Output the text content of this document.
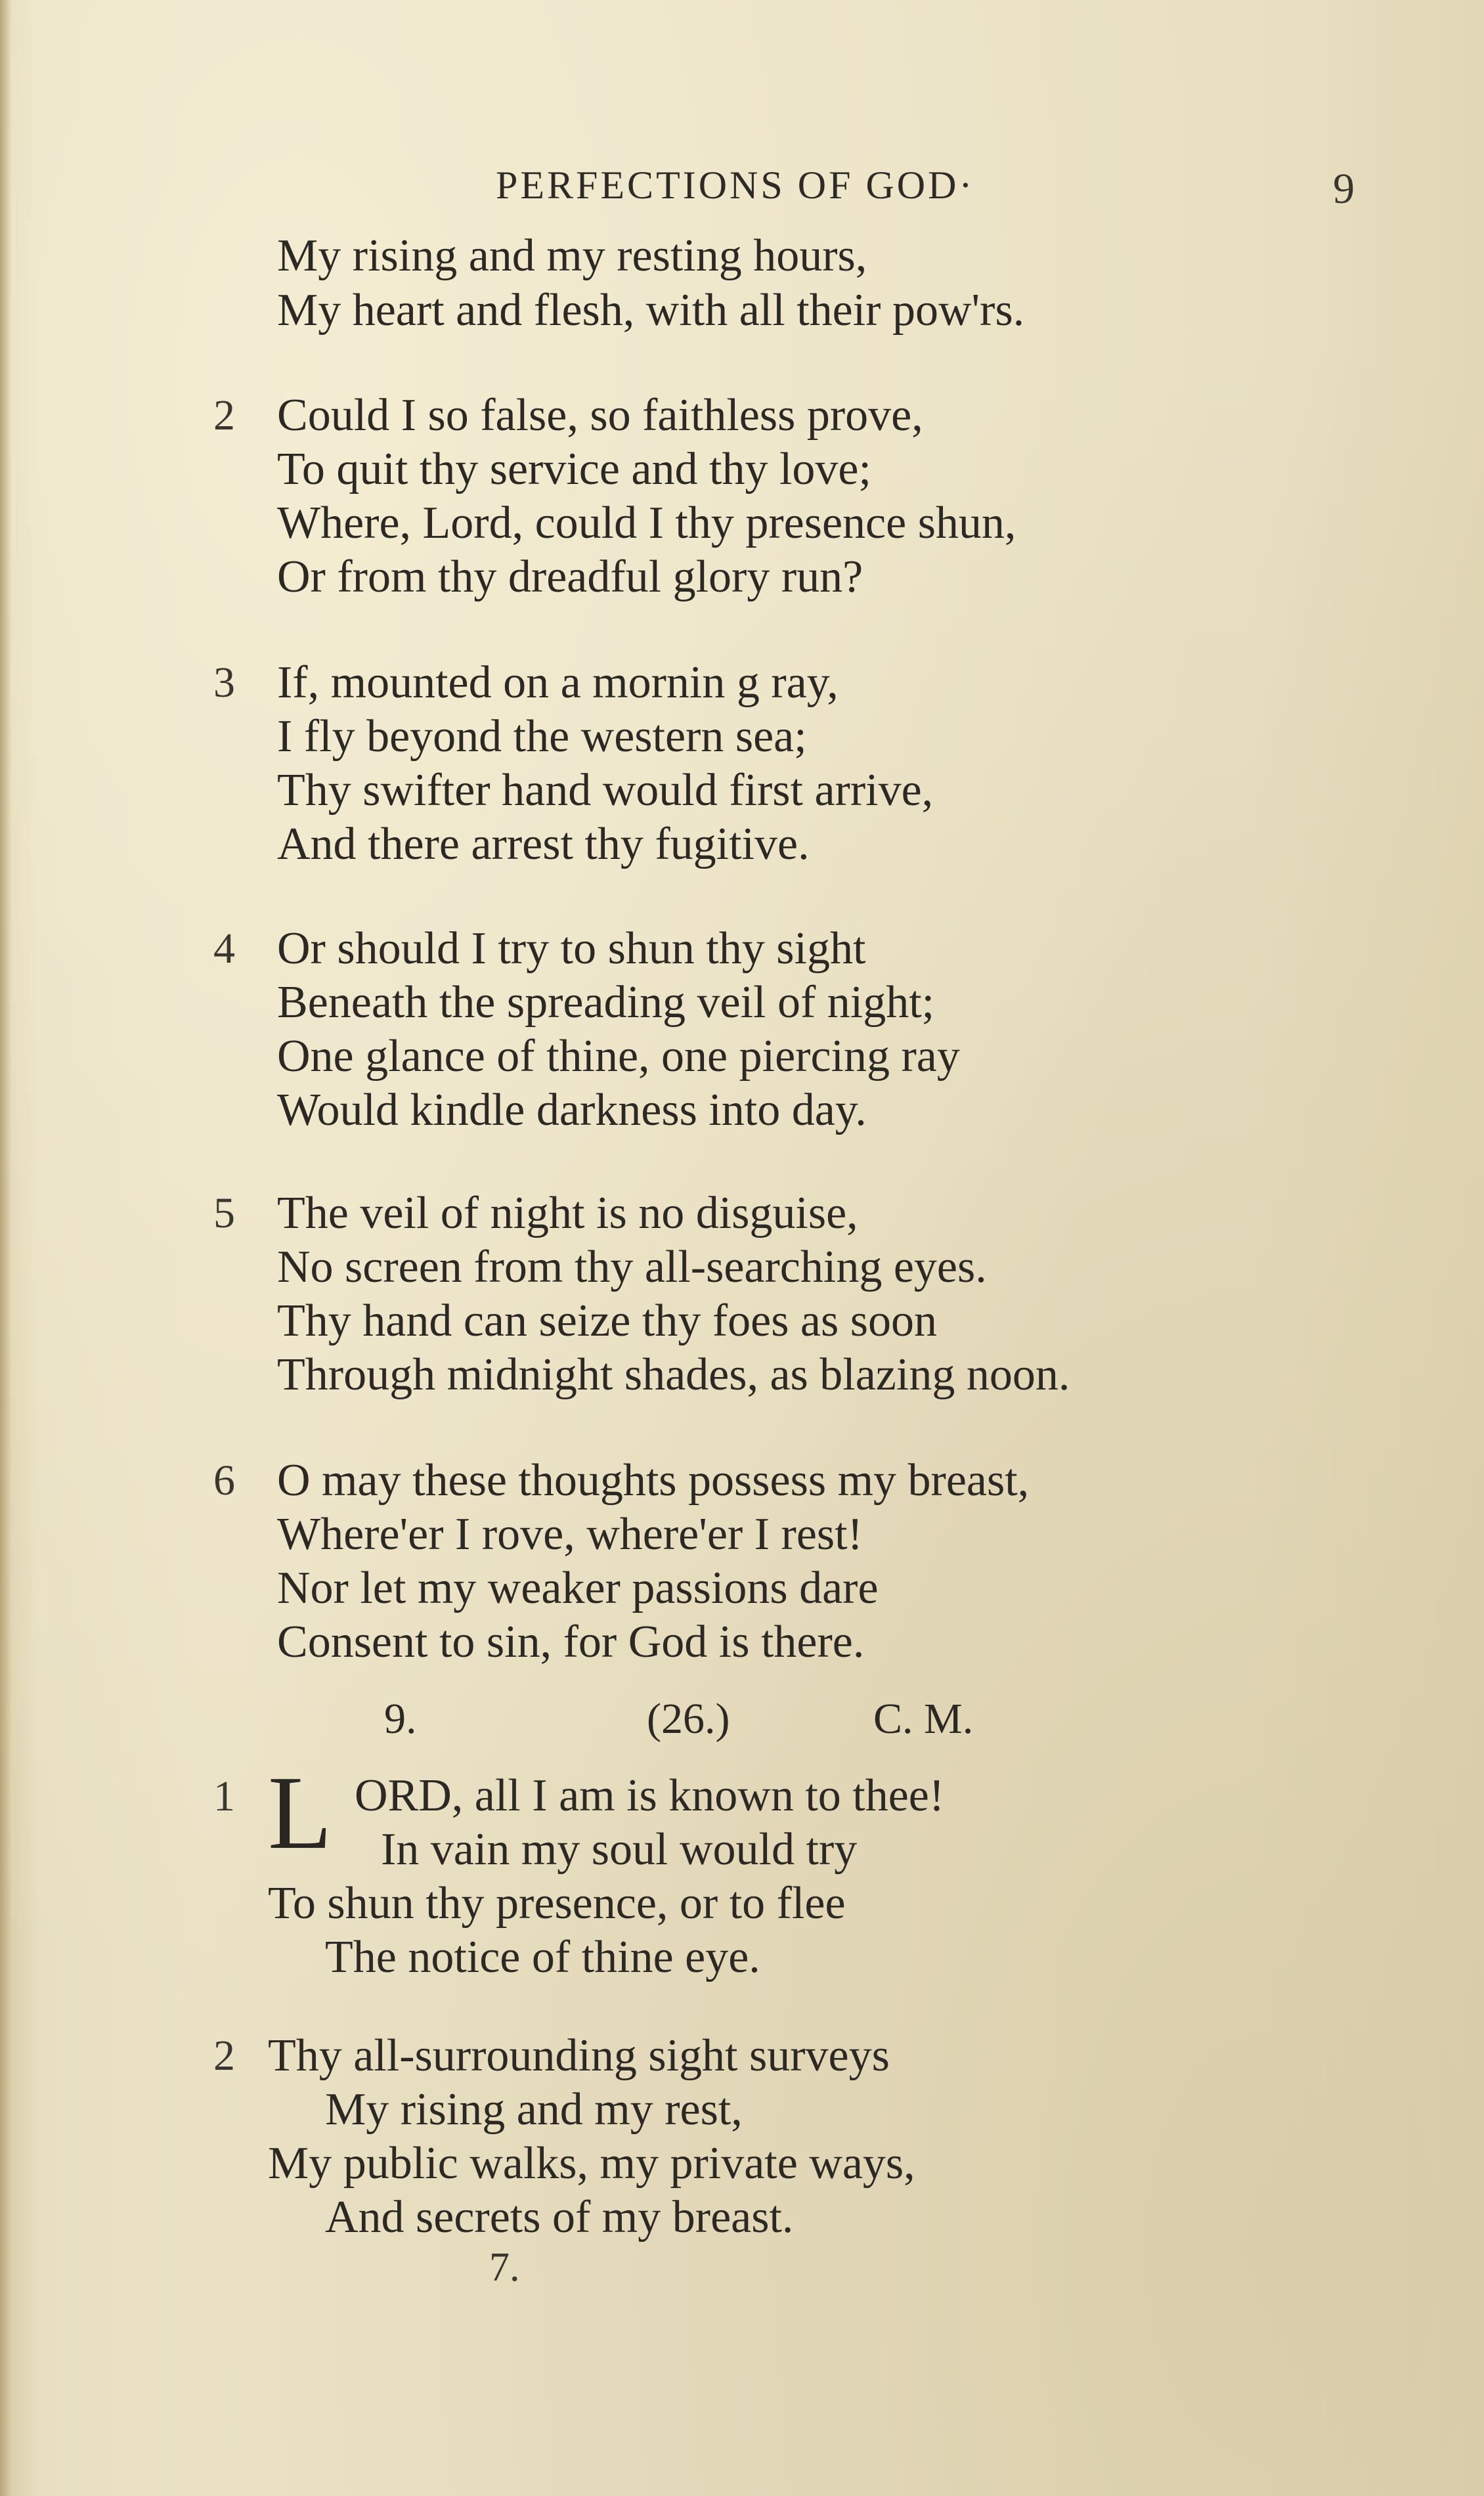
PERFECTIONS OF GOD·	9
My rising and my resting hours,
My heart and flesh, with all their pow'rs.
2 Could I so false, so faithless prove,
To quit thy service and thy love;
Where, Lord, could I thy presence shun,
Or from thy dreadful glory run?
3 If, mounted on a mornin g ray,
I fly beyond the western sea;
Thy swifter hand would first arrive,
And there arrest thy fugitive.
4 Or should I try to shun thy sight
Beneath the spreading veil of night;
One glance of thine, one piercing ray
Would kindle darkness into day.
5 The veil of night is no disguise,
No screen from thy all-searching eyes.
Thy hand can seize thy foes as soon
Through midnight shades, as blazing noon.
6 O may these thoughts possess my breast,
Where'er I rove, where'er I rest!
Nor let my weaker passions dare
Consent to sin, for God is there.
9.	(26.)	C. M.
1 L ORD, all I am is known to thee!
In vain my soul would try
To shun thy presence, or to flee
The notice of thine eye.
2 Thy all-surrounding sight surveys
My rising and my rest,
My public walks, my private ways,
And secrets of my breast.
7.
